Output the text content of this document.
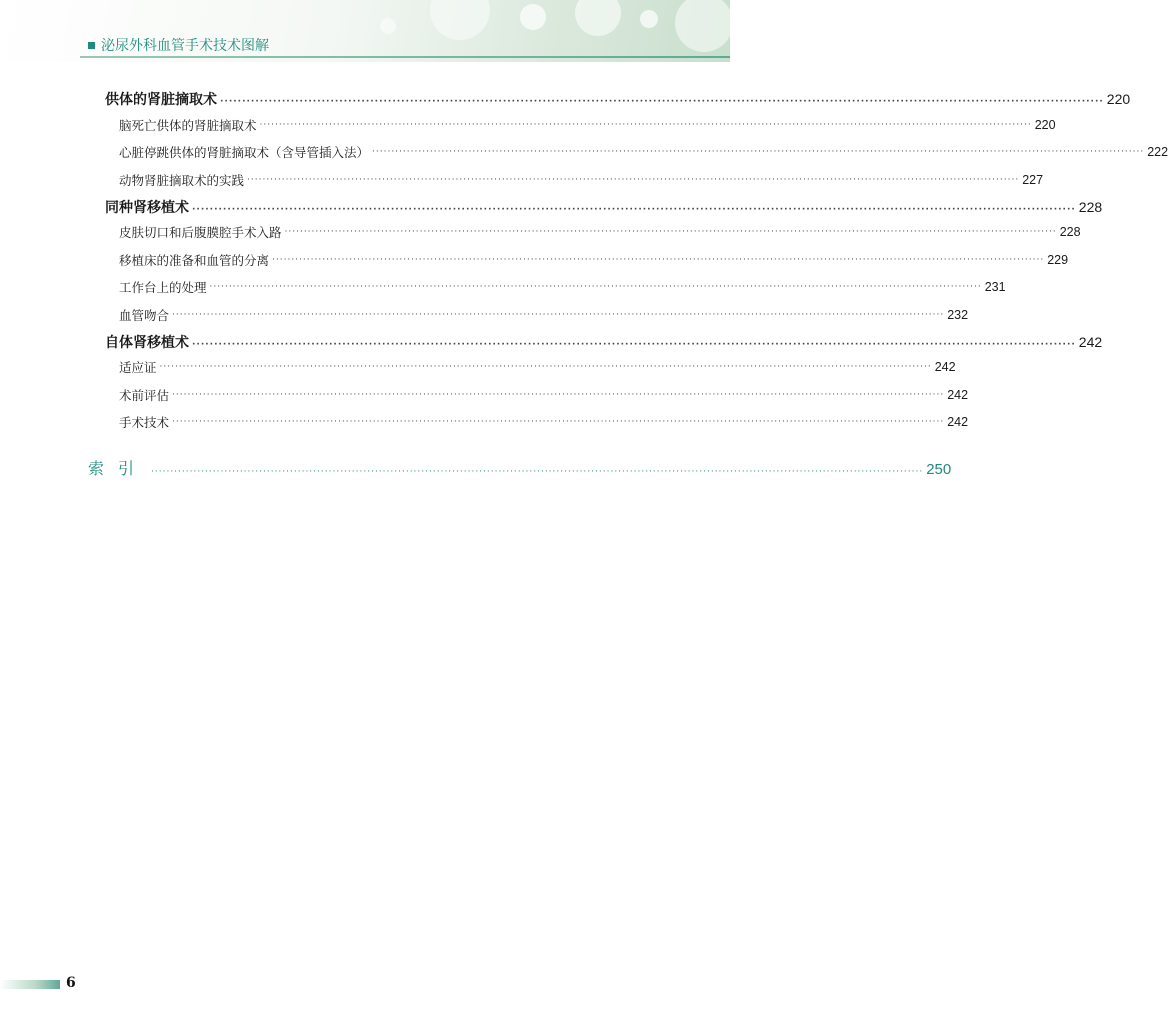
泌尿外科血管手术技术图解
供体的肾脏摘取术 ········································································································································································································ 220
脑死亡供体的肾脏摘取术 ········································································································································································································ 220
心脏停跳供体的肾脏摘取术（含导管插入法） ········································································································································································································ 222
动物肾脏摘取术的实践 ········································································································································································································ 227
同种肾移植术 ········································································································································································································ 228
皮肤切口和后腹膜腔手术入路 ········································································································································································································ 228
移植床的准备和血管的分离 ········································································································································································································ 229
工作台上的处理 ········································································································································································································ 231
血管吻合 ········································································································································································································ 232
自体肾移植术 ········································································································································································································ 242
适应证 ········································································································································································································ 242
术前评估 ········································································································································································································ 242
手术技术 ········································································································································································································ 242
索引 ········································································································································································································ 250
6
